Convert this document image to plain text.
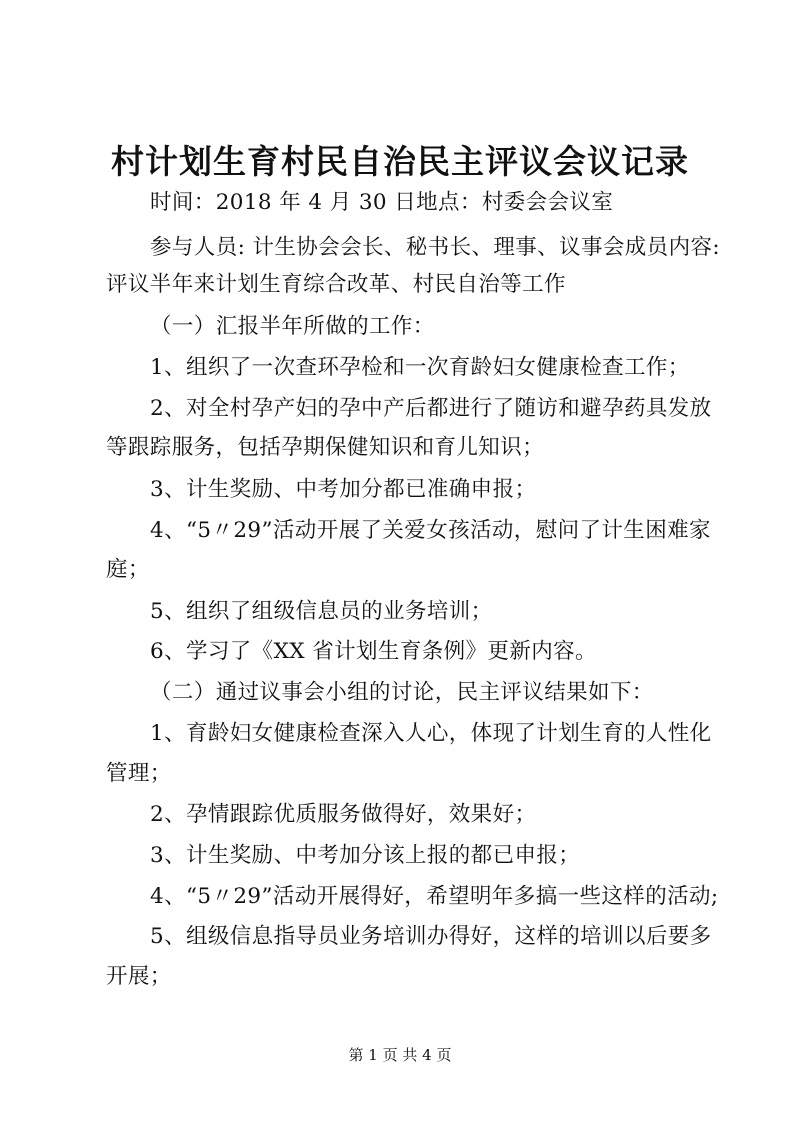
村计划生育村民自治民主评议会议记录
时间：2018 年 4 月 30 日地点：村委会会议室
参与人员: 计生协会会长、秘书长、理事、议事会成员内容:
评议半年来计划生育综合改革、村民自治等工作
（一）汇报半年所做的工作：
1、组织了一次查环孕检和一次育龄妇女健康检查工作；
2、对全村孕产妇的孕中产后都进行了随访和避孕药具发放
等跟踪服务，包括孕期保健知识和育儿知识；
3、计生奖励、中考加分都已准确申报；
4、“5〃29”活动开展了关爱女孩活动，慰问了计生困难家
庭；
5、组织了组级信息员的业务培训；
6、学习了《XX 省计划生育条例》更新内容。
（二）通过议事会小组的讨论，民主评议结果如下：
1、育龄妇女健康检查深入人心，体现了计划生育的人性化
管理；
2、孕情跟踪优质服务做得好，效果好；
3、计生奖励、中考加分该上报的都已申报；
4、“5〃29”活动开展得好，希望明年多搞一些这样的活动;
5、组级信息指导员业务培训办得好，这样的培训以后要多
开展；
第 1 页 共 4 页
